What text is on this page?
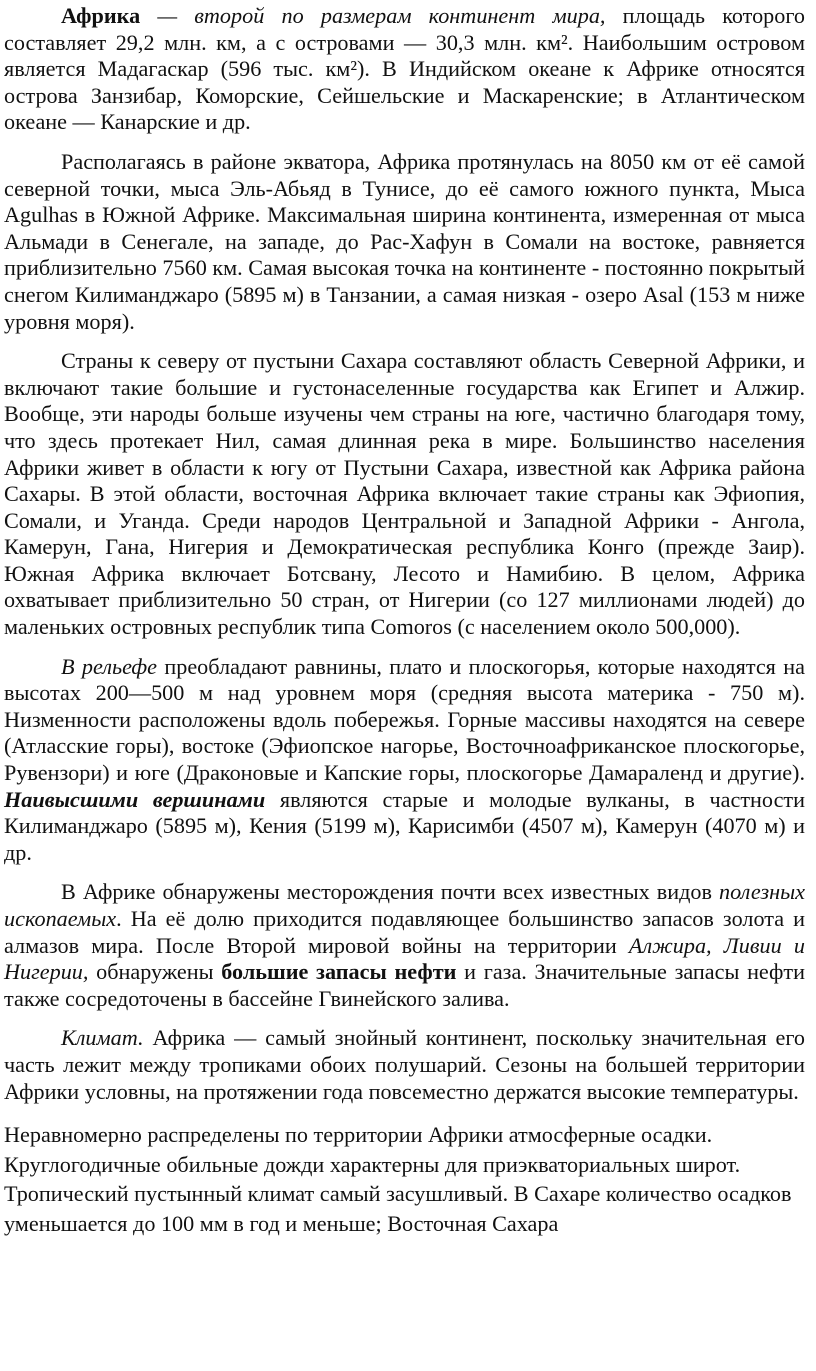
Африка — второй по размерам континент мира, площадь которого составляет 29,2 млн. км, а с островами — 30,3 млн. км². Наибольшим островом является Мадагаскар (596 тыс. км²). В Индийском океане к Африке относятся острова Занзибар, Коморские, Сейшельские и Маскаренские; в Атлантическом океане — Канарские и др.

Располагаясь в районе экватора, Африка протянулась на 8050 км от её самой северной точки, мыса Эль-Абьяд в Тунисе, до её самого южного пункта, Мыса Agulhas в Южной Африке. Максимальная ширина континента, измеренная от мыса Альмади в Сенегале, на западе, до Рас-Хафун в Сомали на востоке, равняется приблизительно 7560 км. Самая высокая точка на континенте - постоянно покрытый снегом Килиманджаро (5895 м) в Танзании, а самая низкая - озеро Asal (153 м ниже уровня моря).

Страны к северу от пустыни Сахара составляют область Северной Африки, и включают такие большие и густонаселенные государства как Египет и Алжир. Вообще, эти народы больше изучены чем страны на юге, частично благодаря тому, что здесь протекает Нил, самая длинная река в мире. Большинство населения Африки живет в области к югу от Пустыни Сахара, известной как Африка района Сахары. В этой области, восточная Африка включает такие страны как Эфиопия, Сомали, и Уганда. Среди народов Центральной и Западной Африки - Ангола, Камерун, Гана, Нигерия и Демократическая республика Конго (прежде Заир). Южная Африка включает Ботсвану, Лесото и Намибию. В целом, Африка охватывает приблизительно 50 стран, от Нигерии (со 127 миллионами людей) до маленьких островных республик типа Comoros (с населением около 500,000).

В рельефе преобладают равнины, плато и плоскогорья, которые находятся на высотах 200—500 м над уровнем моря (средняя высота материка - 750 м). Низменности расположены вдоль побережья. Горные массивы находятся на севере (Атласские горы), востоке (Эфиопское нагорье, Восточноафриканское плоскогорье, Рувензори) и юге (Драконовые и Капские горы, плоскогорье Дамараленд и другие). Наивысшими вершинами являются старые и молодые вулканы, в частности Килиманджаро (5895 м), Кения (5199 м), Карисимби (4507 м), Камерун (4070 м) и др.

В Африке обнаружены месторождения почти всех известных видов полезных ископаемых. На её долю приходится подавляющее большинство запасов золота и алмазов мира. После Второй мировой войны на территории Алжира, Ливии и Нигерии, обнаружены большие запасы нефти и газа. Значительные запасы нефти также сосредоточены в бассейне Гвинейского залива.

Климат. Африка — самый знойный континент, поскольку значительная его часть лежит между тропиками обоих полушарий. Сезоны на большей территории Африки условны, на протяжении года повсеместно держатся высокие температуры.

Неравномерно распределены по территории Африки атмосферные осадки. Круглогодичные обильные дожди характерны для приэкваториальных широт. Тропический пустынный климат самый засушливый. В Сахаре количество осадков уменьшается до 100 мм в год и меньше; Восточная Сахара
